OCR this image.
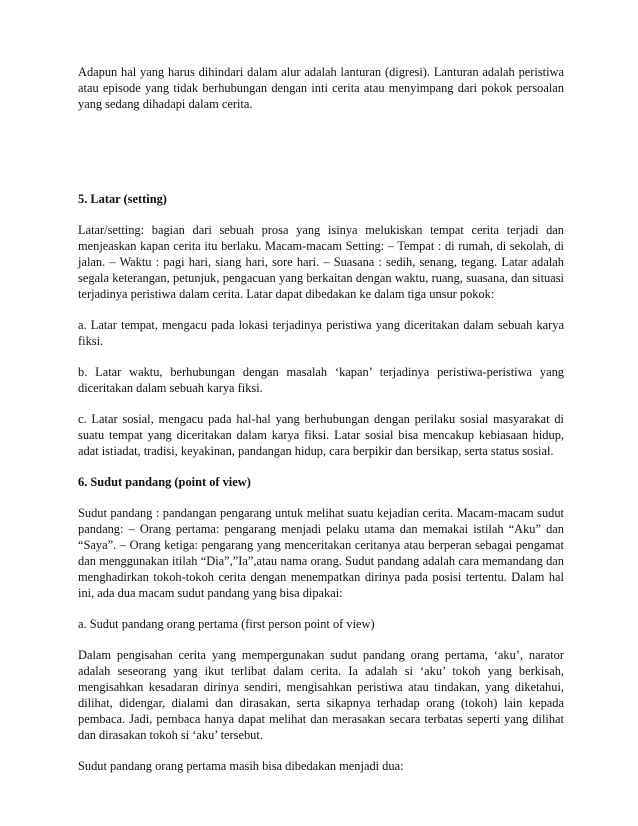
Adapun hal yang harus dihindari dalam alur adalah lanturan (digresi). Lanturan adalah peristiwa atau episode yang tidak berhubungan dengan inti cerita atau menyimpang dari pokok persoalan yang sedang dihadapi dalam cerita.

5. Latar (setting)

Latar/setting: bagian dari sebuah prosa yang isinya melukiskan tempat cerita terjadi dan menjeaskan kapan cerita itu berlaku. Macam-macam Setting: – Tempat : di rumah, di sekolah, di jalan. – Waktu : pagi hari, siang hari, sore hari. – Suasana : sedih, senang, tegang. Latar adalah segala keterangan, petunjuk, pengacuan yang berkaitan dengan waktu, ruang, suasana, dan situasi terjadinya peristiwa dalam cerita. Latar dapat dibedakan ke dalam tiga unsur pokok:

a. Latar tempat, mengacu pada lokasi terjadinya peristiwa yang diceritakan dalam sebuah karya fiksi.

b. Latar waktu, berhubungan dengan masalah ‘kapan’ terjadinya peristiwa-peristiwa yang diceritakan dalam sebuah karya fiksi.

c. Latar sosial, mengacu pada hal-hal yang berhubungan dengan perilaku sosial masyarakat di suatu tempat yang diceritakan dalam karya fiksi. Latar sosial bisa mencakup kebiasaan hidup, adat istiadat, tradisi, keyakinan, pandangan hidup, cara berpikir dan bersikap, serta status sosial.

6. Sudut pandang (point of view)

Sudut pandang : pandangan pengarang untuk melihat suatu kejadian cerita. Macam-macam sudut pandang: – Orang pertama: pengarang menjadi pelaku utama dan memakai istilah “Aku” dan “Saya”. – Orang ketiga: pengarang yang menceritakan ceritanya atau berperan sebagai pengamat dan menggunakan itilah “Dia”,”Ia”,atau nama orang. Sudut pandang adalah cara memandang dan menghadirkan tokoh-tokoh cerita dengan menempatkan dirinya pada posisi tertentu. Dalam hal ini, ada dua macam sudut pandang yang bisa dipakai:

a. Sudut pandang orang pertama (first person point of view)

Dalam pengisahan cerita yang mempergunakan sudut pandang orang pertama, ‘aku’, narator adalah seseorang yang ikut terlibat dalam cerita. Ia adalah si ‘aku’ tokoh yang berkisah, mengisahkan kesadaran dirinya sendiri, mengisahkan peristiwa atau tindakan, yang diketahui, dilihat, didengar, dialami dan dirasakan, serta sikapnya terhadap orang (tokoh) lain kepada pembaca. Jadi, pembaca hanya dapat melihat dan merasakan secara terbatas seperti yang dilihat dan dirasakan tokoh si ‘aku’ tersebut.

Sudut pandang orang pertama masih bisa dibedakan menjadi dua:
